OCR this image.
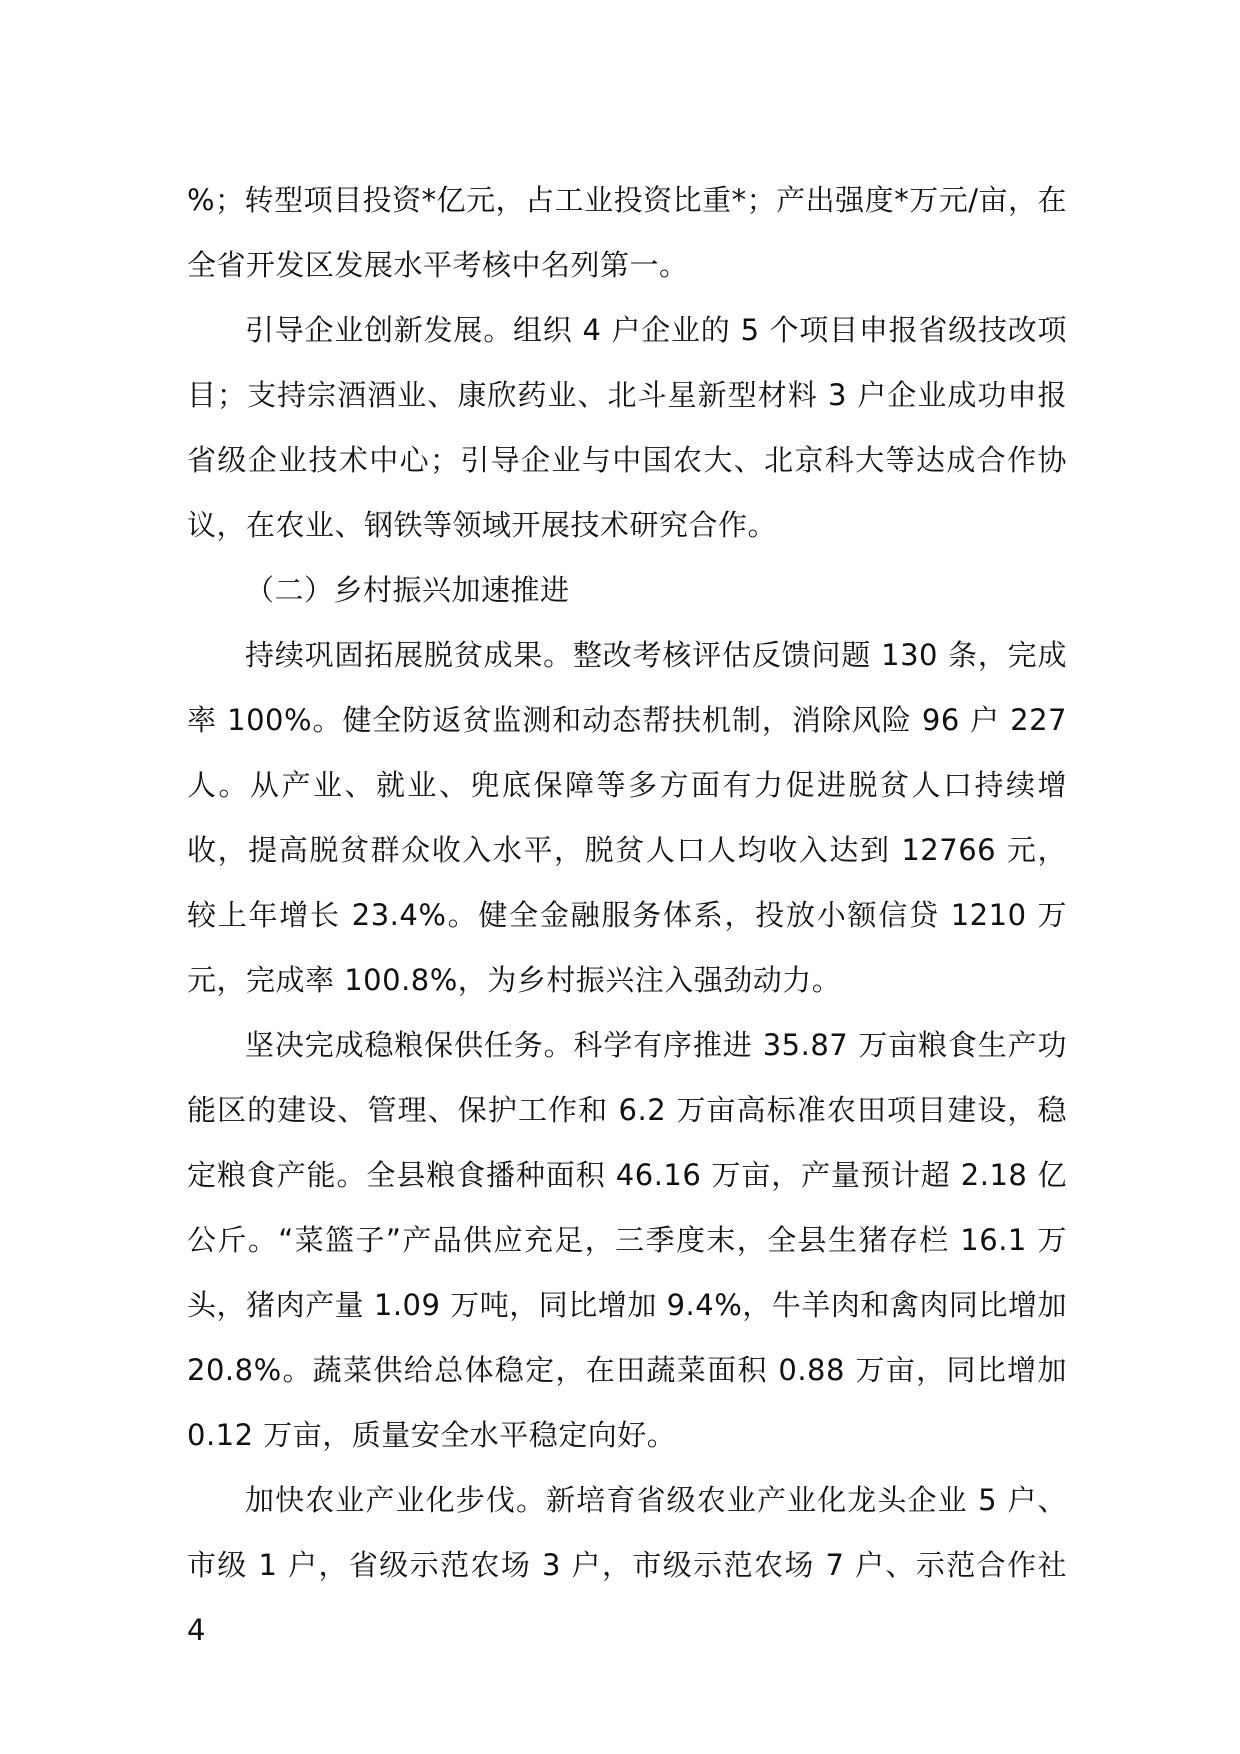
%；转型项目投资*亿元，占工业投资比重*；产出强度*万元/亩，在全省开发区发展水平考核中名列第一。

引导企业创新发展。组织 4 户企业的 5 个项目申报省级技改项目；支持宗酒酒业、康欣药业、北斗星新型材料 3 户企业成功申报省级企业技术中心；引导企业与中国农大、北京科大等达成合作协议，在农业、钢铁等领域开展技术研究合作。

（二）乡村振兴加速推进

持续巩固拓展脱贫成果。整改考核评估反馈问题 130 条，完成率 100%。健全防返贫监测和动态帮扶机制，消除风险 96 户 227 人。从产业、就业、兜底保障等多方面有力促进脱贫人口持续增收，提高脱贫群众收入水平，脱贫人口人均收入达到 12766 元，较上年增长 23.4%。健全金融服务体系，投放小额信贷 1210 万元，完成率 100.8%，为乡村振兴注入强劲动力。

坚决完成稳粮保供任务。科学有序推进 35.87 万亩粮食生产功能区的建设、管理、保护工作和 6.2 万亩高标准农田项目建设，稳定粮食产能。全县粮食播种面积 46.16 万亩，产量预计超 2.18 亿公斤。“菜篮子”产品供应充足，三季度末，全县生猪存栏 16.1 万头，猪肉产量 1.09 万吨，同比增加 9.4%，牛羊肉和禽肉同比增加 20.8%。蔬菜供给总体稳定，在田蔬菜面积 0.88 万亩，同比增加 0.12 万亩，质量安全水平稳定向好。

加快农业产业化步伐。新培育省级农业产业化龙头企业 5 户、市级 1 户，省级示范农场 3 户，市级示范农场 7 户、示范合作社 4
